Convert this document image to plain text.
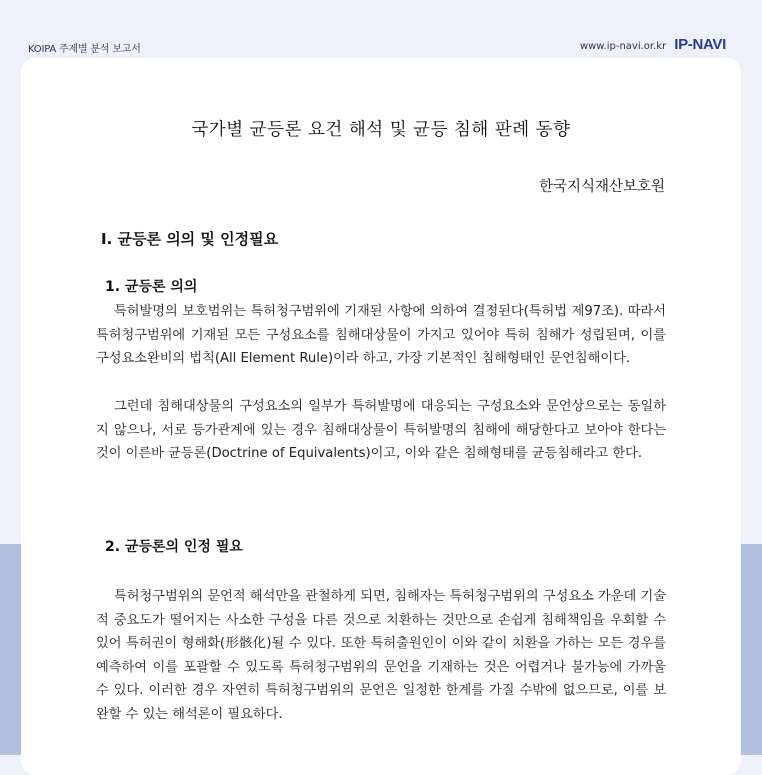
KOIPA 주제별 분석 보고서	www.ip-navi.or.kr IP-NAVI
국가별 균등론 요건 해석 및 균등 침해 판례 동향
한국지식재산보호원
Ⅰ. 균등론 의의 및 인정필요
1. 균등론 의의

특허발명의 보호범위는 특허청구범위에 기재된 사항에 의하여 결정된다(특허법 제97조). 따라서 특허청구범위에 기재된 모든 구성요소를 침해대상물이 가지고 있어야 특허 침해가 성립된며, 이를 구성요소완비의 법칙(All Element Rule)이라 하고, 가장 기본적인 침해형태인 문언침해이다.

그런데 침해대상물의 구성요소의 일부가 특허발명에 대응되는 구성요소와 문언상으로는 동일하지 않으나, 서로 등가관계에 있는 경우 침해대상물이 특허발명의 침해에 해당한다고 보아야 한다는 것이 이른바 균등론(Doctrine of Equivalents)이고, 이와 같은 침해형태를 균등침해라고 한다.

2. 균등론의 인정 필요

특허청구범위의 문언적 해석만을 관철하게 되면, 침해자는 특허청구범위의 구성요소 가운데 기술적 중요도가 떨어지는 사소한 구성을 다른 것으로 치환하는 것만으로 손쉽게 침해책임을 우회할 수 있어 특허권이 형해화(形骸化)될 수 있다. 또한 특허출원인이 이와 같이 치환을 가하는 모든 경우를 예측하여 이를 포괄할 수 있도록 특허청구범위의 문언을 기재하는 것은 어렵거나 불가능에 가까울 수 있다. 이러한 경우 자연히 특허청구범위의 문언은 일정한 한계를 가질 수밖에 없으므로, 이를 보완할 수 있는 해석론이 필요하다.
